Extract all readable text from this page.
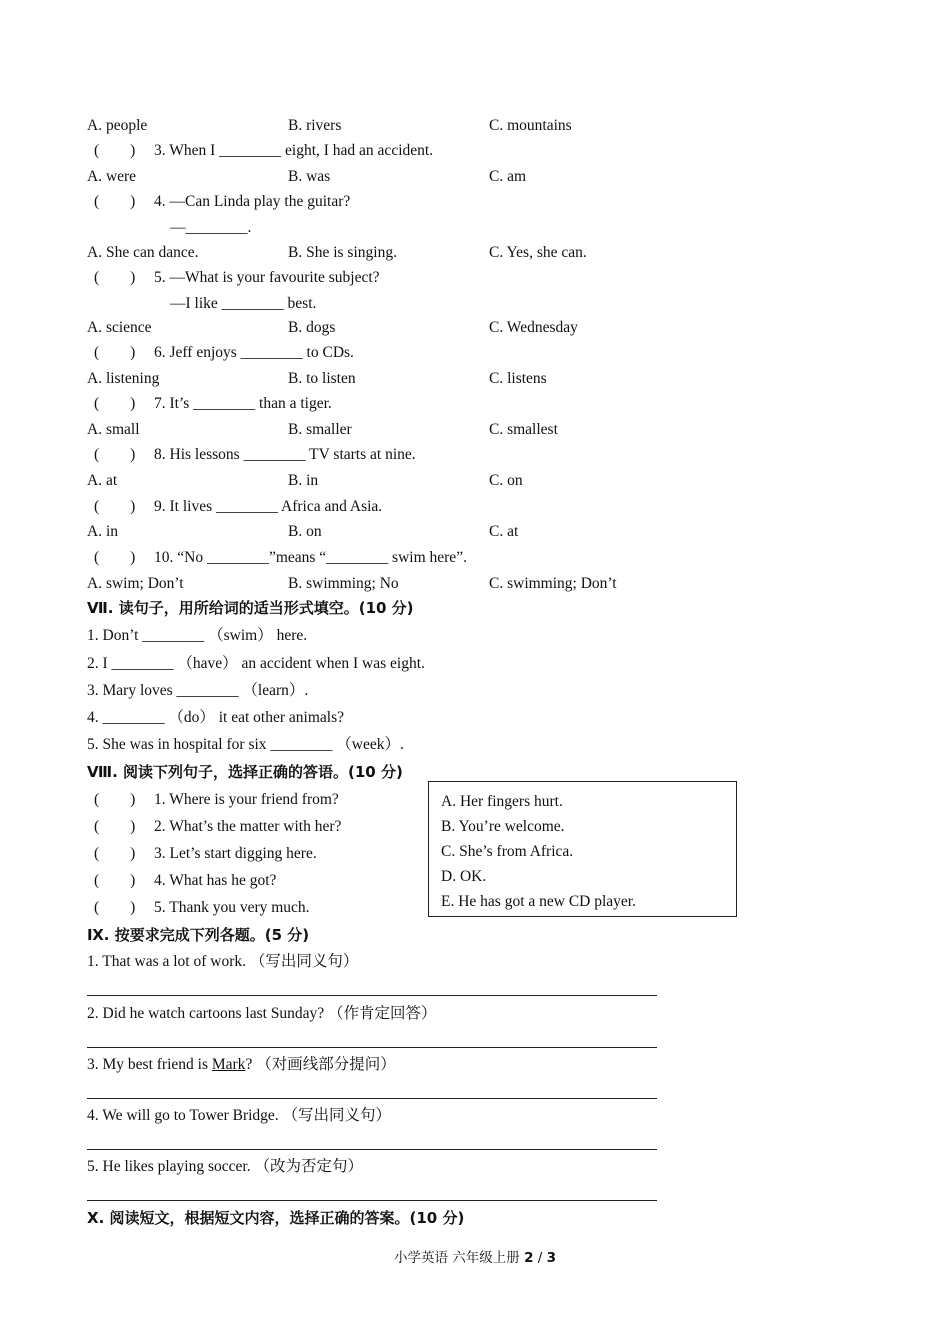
A. people	B. rivers	C. mountains
(　　) 3. When I ________ eight, I had an accident.
A. were	B. was	C. am
(　　) 4. —Can Linda play the guitar?
—________.
A. She can dance.	B. She is singing.	C. Yes, she can.
(　　) 5. —What is your favourite subject?
—I like ________ best.
A. science	B. dogs	C. Wednesday
(　　) 6. Jeff enjoys ________ to CDs.
A. listening	B. to listen	C. listens
(　　) 7. It’s ________ than a tiger.
A. small	B. smaller	C. smallest
(　　) 8. His lessons ________ TV starts at nine.
A. at	B. in	C. on
(　　) 9. It lives ________ Africa and Asia.
A. in	B. on	C. at
(　　) 10. “No ________”means “________ swim here”.
A. swim; Don’t	B. swimming; No	C. swimming; Don’t
Ⅶ. 读句子，用所给词的适当形式填空。(10 分)
1. Don’t ________ （swim） here.
2. I ________ （have） an accident when I was eight.
3. Mary loves ________ （learn）.
4. ________ （do） it eat other animals?
5. She was in hospital for six ________ （week）.
Ⅷ. 阅读下列句子，选择正确的答语。(10 分)
(　　) 1. Where is your friend from?
(　　) 2. What’s the matter with her?
(　　) 3. Let’s start digging here.
(　　) 4. What has he got?
(　　) 5. Thank you very much.
A. Her fingers hurt.
B. You’re welcome.
C. She’s from Africa.
D. OK.
E. He has got a new CD player.
Ⅸ. 按要求完成下列各题。(5 分)
1. That was a lot of work. （写出同义句）
2. Did he watch cartoons last Sunday? （作肯定回答）
3. My best friend is Mark? （对画线部分提问）
4. We will go to Tower Bridge. （写出同义句）
5. He likes playing soccer. （改为否定句）
Ⅹ. 阅读短文，根据短文内容，选择正确的答案。(10 分)
小学英语 六年级上册 2 / 3
